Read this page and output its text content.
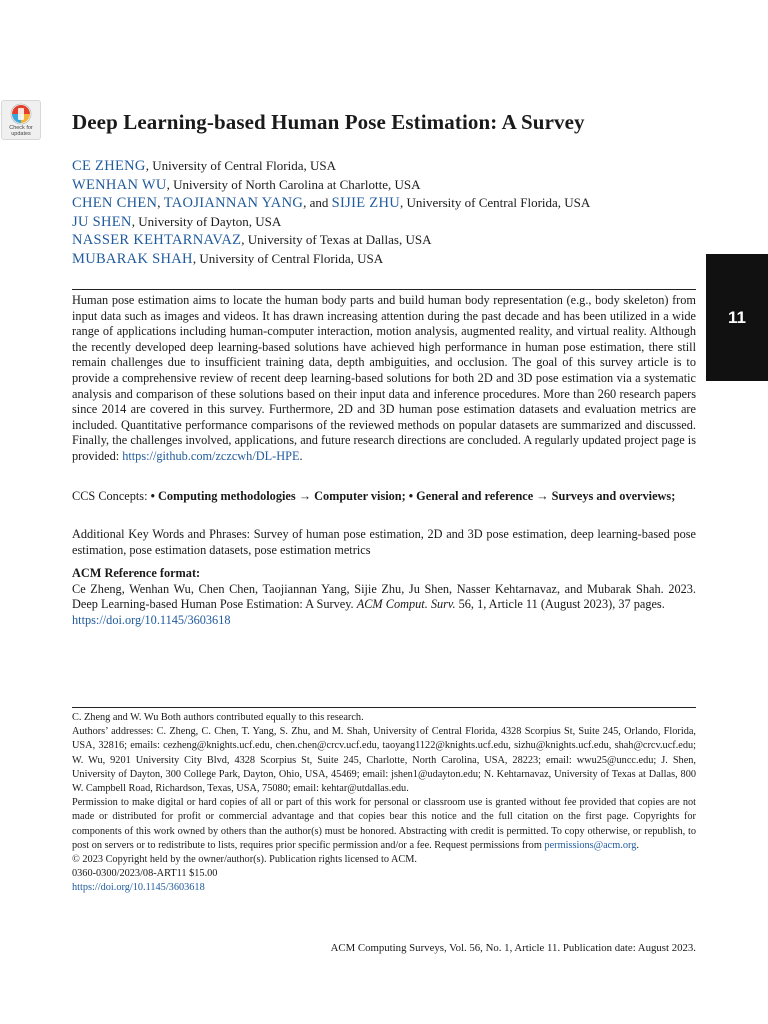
Check for updates	Deep Learning-based Human Pose Estimation: A Survey
CE ZHENG, University of Central Florida, USA
WENHAN WU, University of North Carolina at Charlotte, USA
CHEN CHEN, TAOJIANNAN YANG, and SIJIE ZHU, University of Central Florida, USA
JU SHEN, University of Dayton, USA
NASSER KEHTARNAVAZ, University of Texas at Dallas, USA
MUBARAK SHAH, University of Central Florida, USA
11
Human pose estimation aims to locate the human body parts and build human body representation (e.g., body skeleton) from input data such as images and videos. It has drawn increasing attention during the past decade and has been utilized in a wide range of applications including human-computer interaction, motion analysis, augmented reality, and virtual reality. Although the recently developed deep learning-based solutions have achieved high performance in human pose estimation, there still remain challenges due to insufficient training data, depth ambiguities, and occlusion. The goal of this survey article is to provide a comprehensive review of recent deep learning-based solutions for both 2D and 3D pose estimation via a systematic analysis and comparison of these solutions based on their input data and inference procedures. More than 260 research papers since 2014 are covered in this survey. Furthermore, 2D and 3D human pose estimation datasets and evaluation metrics are included. Quantitative performance comparisons of the reviewed methods on popular datasets are summarized and discussed. Finally, the challenges involved, applications, and future research directions are concluded. A regularly updated project page is provided: https://github.com/zczcwh/DL-HPE.
CCS Concepts: • Computing methodologies → Computer vision; • General and reference → Surveys and overviews;
Additional Key Words and Phrases: Survey of human pose estimation, 2D and 3D pose estimation, deep learning-based pose estimation, pose estimation datasets, pose estimation metrics
ACM Reference format:
Ce Zheng, Wenhan Wu, Chen Chen, Taojiannan Yang, Sijie Zhu, Ju Shen, Nasser Kehtarnavaz, and Mubarak Shah. 2023. Deep Learning-based Human Pose Estimation: A Survey. ACM Comput. Surv. 56, 1, Article 11 (August 2023), 37 pages.
https://doi.org/10.1145/3603618
C. Zheng and W. Wu Both authors contributed equally to this research.
Authors’ addresses: C. Zheng, C. Chen, T. Yang, S. Zhu, and M. Shah, University of Central Florida, 4328 Scorpius St, Suite 245, Orlando, Florida, USA, 32816; emails: cezheng@knights.ucf.edu, chen.chen@crcv.ucf.edu, taoyang1122@knights.ucf.edu, sizhu@knights.ucf.edu, shah@crcv.ucf.edu; W. Wu, 9201 University City Blvd, 4328 Scorpius St, Suite 245, Charlotte, North Carolina, USA, 28223; email: wwu25@uncc.edu; J. Shen, University of Dayton, 300 College Park, Dayton, Ohio, USA, 45469; email: jshen1@udayton.edu; N. Kehtarnavaz, University of Texas at Dallas, 800 W. Campbell Road, Richardson, Texas, USA, 75080; email: kehtar@utdallas.edu.
Permission to make digital or hard copies of all or part of this work for personal or classroom use is granted without fee provided that copies are not made or distributed for profit or commercial advantage and that copies bear this notice and the full citation on the first page. Copyrights for components of this work owned by others than the author(s) must be honored. Abstracting with credit is permitted. To copy otherwise, or republish, to post on servers or to redistribute to lists, requires prior specific permission and/or a fee. Request permissions from permissions@acm.org.
© 2023 Copyright held by the owner/author(s). Publication rights licensed to ACM.
0360-0300/2023/08-ART11 $15.00
https://doi.org/10.1145/3603618
ACM Computing Surveys, Vol. 56, No. 1, Article 11. Publication date: August 2023.
